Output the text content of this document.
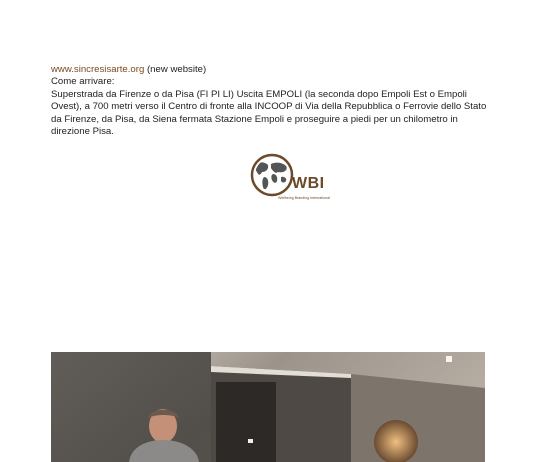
www.sincresisarte.org (new website)

Come arrivare:

Superstrada da Firenze o da Pisa (FI PI LI) Uscita EMPOLI (la seconda dopo Empoli Est o Empoli Ovest), a 700 metri verso il Centro di fronte alla INCOOP di Via della Repubblica o Ferrovie dello Stato da Firenze, da Pisa, da Siena fermata Stazione Empoli e proseguire a piedi per un chilometro in direzione Pisa.

WBI
Wellbeing Branding International
